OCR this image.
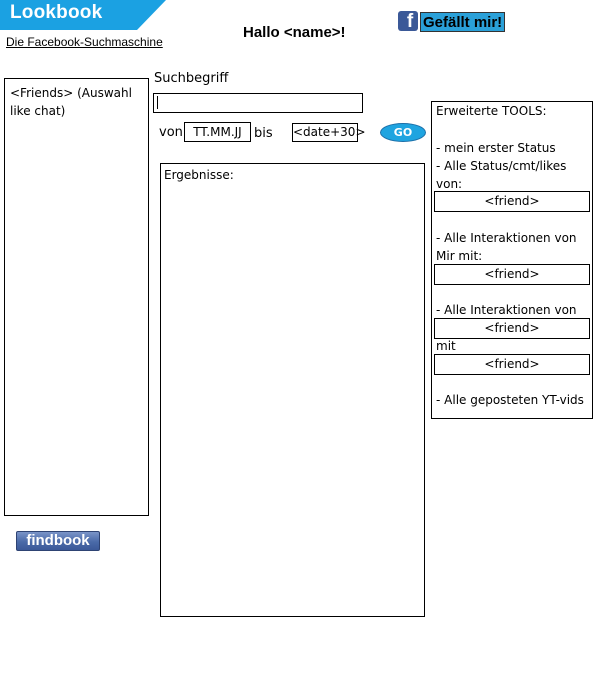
Lookbook
Die Facebook-Suchmaschine
Hallo <name>!
f Gefällt mir!
<Friends> (Auswahl like chat)
Suchbegriff
von TT.MM.JJ bis <date+30>	GO
Ergebnisse:
Erweiterte TOOLS:
- mein erster Status
- Alle Status/cmt/likes
von:
<friend>
- Alle Interaktionen von
Mir mit:
<friend>
- Alle Interaktionen von
<friend>
mit
<friend>
- Alle geposteten YT-vids
findbook
